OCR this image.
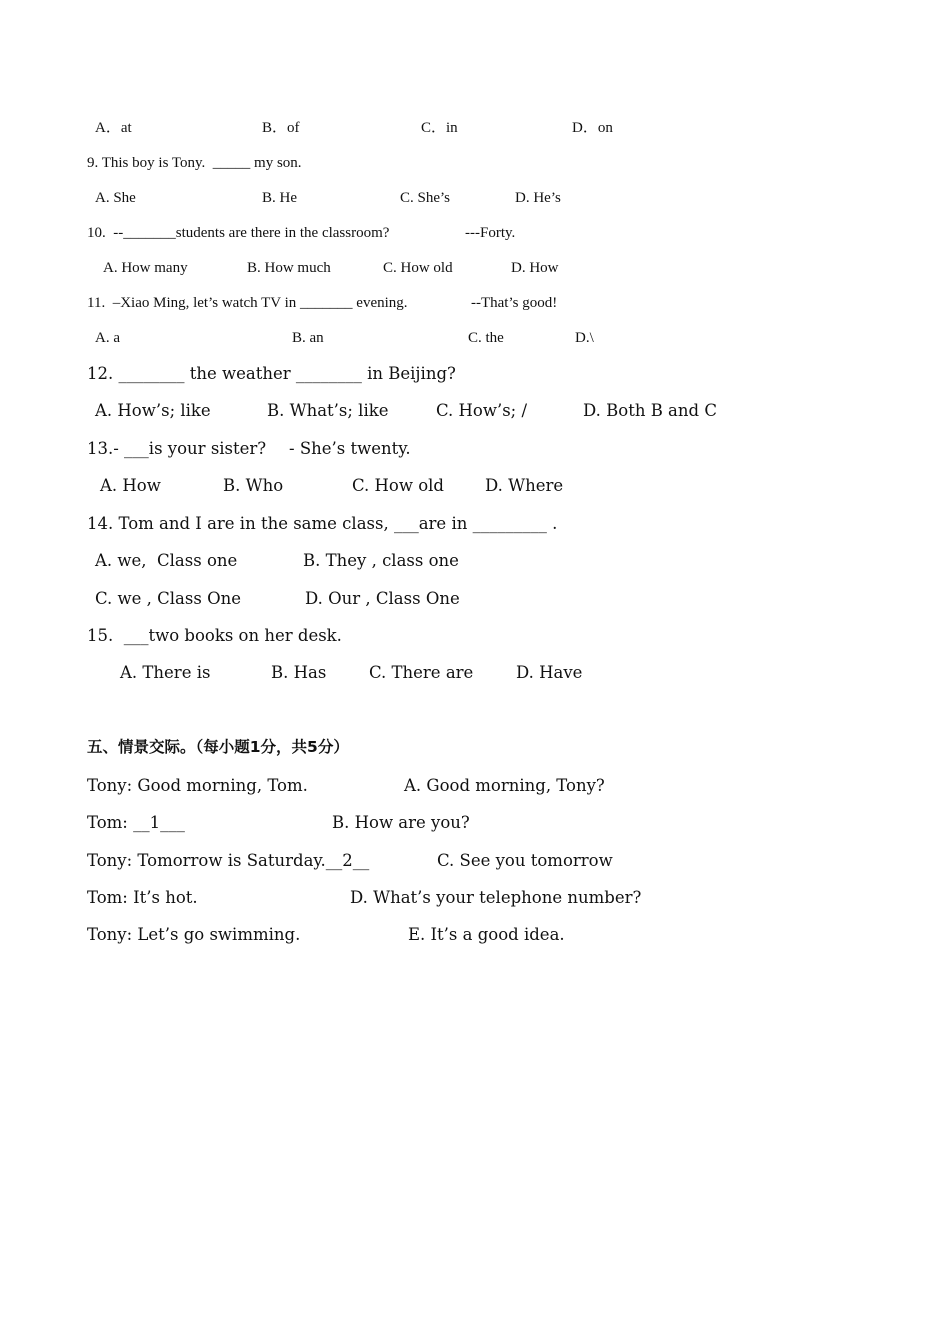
A．at	B．of	C．in	D．on
9. This boy is Tony.  _____ my son.
A. She	B. He	C. She’s	D. He’s
10.  --_______students are there in the classroom?	---Forty.
A. How many	B. How much	C. How old	D. How
11.  –Xiao Ming, let’s watch TV in _______ evening.	--That’s good!
A. a	B. an	C. the	D.\
12. ________ the weather ________ in Beijing?
A. How’s; like	B. What’s; like	C. How’s; /	D. Both B and C
13.- ___is your sister? - She’s twenty.
A. How	B. Who	C. How old D. Where
14. Tom and I are in the same class, ___are in _________ .
A. we,  Class one	B. They , class one
C. we , Class One	D. Our , Class One
15.  ___two books on her desk.
A. There is	B. Has	C. There are	D. Have
五、情景交际。（每小题1分，共5分）
Tony: Good morning, Tom.	A. Good morning, Tony?
Tom: __1___	B. How are you?
Tony: Tomorrow is Saturday.__2__	C. See you tomorrow
Tom: It’s hot.	D. What’s your telephone number?
Tony: Let’s go swimming.	E. It’s a good idea.
